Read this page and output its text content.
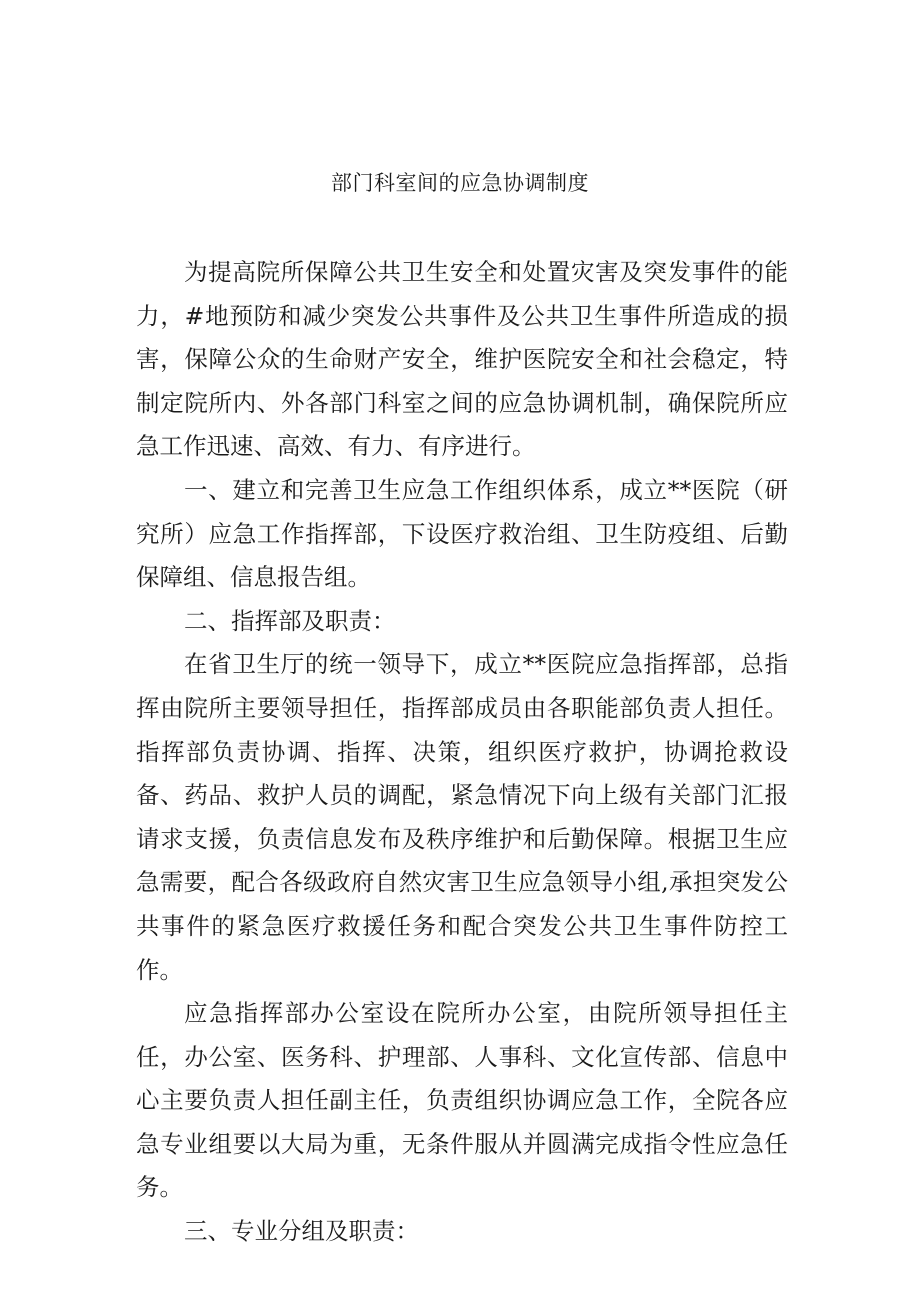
部门科室间的应急协调制度

为提高院所保障公共卫生安全和处置灾害及突发事件的能力，#地预防和减少突发公共事件及公共卫生事件所造成的损害，保障公众的生命财产安全，维护医院安全和社会稳定，特制定院所内、外各部门科室之间的应急协调机制，确保院所应急工作迅速、高效、有力、有序进行。

一、建立和完善卫生应急工作组织体系，成立**医院（研究所）应急工作指挥部，下设医疗救治组、卫生防疫组、后勤保障组、信息报告组。

二、指挥部及职责：

在省卫生厅的统一领导下，成立**医院应急指挥部，总指挥由院所主要领导担任，指挥部成员由各职能部负责人担任。指挥部负责协调、指挥、决策，组织医疗救护，协调抢救设备、药品、救护人员的调配，紧急情况下向上级有关部门汇报请求支援，负责信息发布及秩序维护和后勤保障。根据卫生应急需要，配合各级政府自然灾害卫生应急领导小组,承担突发公共事件的紧急医疗救援任务和配合突发公共卫生事件防控工作。

应急指挥部办公室设在院所办公室，由院所领导担任主任，办公室、医务科、护理部、人事科、文化宣传部、信息中心主要负责人担任副主任，负责组织协调应急工作，全院各应急专业组要以大局为重，无条件服从并圆满完成指令性应急任务。

三、专业分组及职责：
